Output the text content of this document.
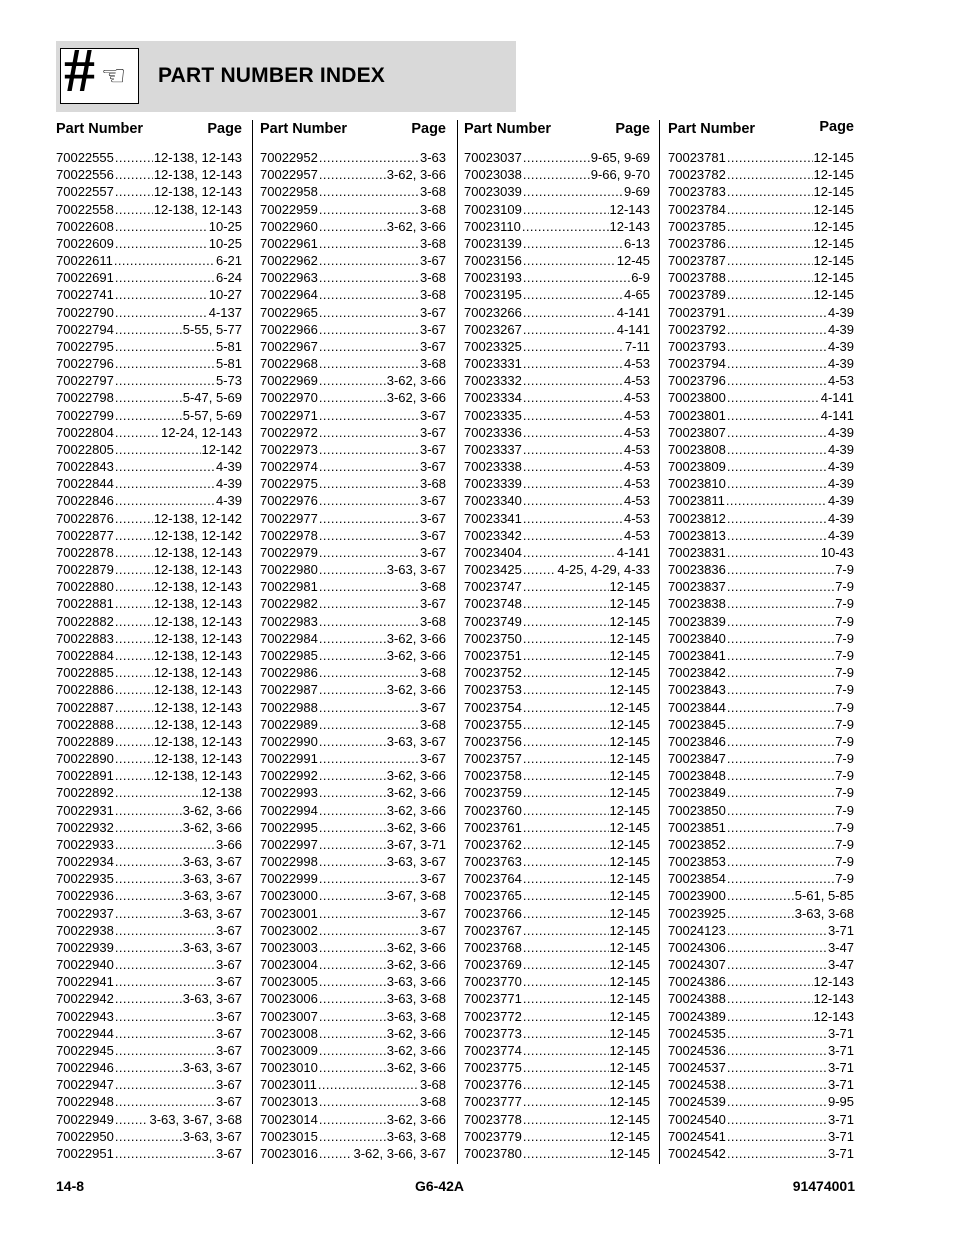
# ☜ PART NUMBER INDEX
Part Number	Page
70022555 .....	12-138, 12-143
70022556 .....	12-138, 12-143
70022557 .....	12-138, 12-143
70022558 .....	12-138, 12-143
70022608 .....	10-25
70022609 .....	10-25
70022611 .....	6-21
70022691 .....	6-24
70022741 .....	10-27
70022790 .....	4-137
70022794 .....	5-55, 5-77
70022795 .....	5-81
70022796 .....	5-81
70022797 .....	5-73
70022798 .....	5-47, 5-69
70022799 .....	5-57, 5-69
70022804 .....	12-24, 12-143
70022805 .....	12-142
70022843 .....	4-39
70022844 .....	4-39
70022846 .....	4-39
70022876 .....	12-138, 12-142
70022877 .....	12-138, 12-142
70022878 .....	12-138, 12-143
70022879 .....	12-138, 12-143
70022880 .....	12-138, 12-143
70022881 .....	12-138, 12-143
70022882 .....	12-138, 12-143
70022883 .....	12-138, 12-143
70022884 .....	12-138, 12-143
70022885 .....	12-138, 12-143
70022886 .....	12-138, 12-143
70022887 .....	12-138, 12-143
70022888 .....	12-138, 12-143
70022889 .....	12-138, 12-143
70022890 .....	12-138, 12-143
70022891 .....	12-138, 12-143
70022892 .....	12-138
70022931 .....	3-62, 3-66
70022932 .....	3-62, 3-66
70022933 .....	3-66
70022934 .....	3-63, 3-67
70022935 .....	3-63, 3-67
70022936 .....	3-63, 3-67
70022937 .....	3-63, 3-67
70022938 .....	3-67
70022939 .....	3-63, 3-67
70022940 .....	3-67
70022941 .....	3-67
70022942 .....	3-63, 3-67
70022943 .....	3-67
70022944 .....	3-67
70022945 .....	3-67
70022946 .....	3-63, 3-67
70022947 .....	3-67
70022948 .....	3-67
70022949 .....	3-63, 3-67, 3-68
70022950 .....	3-63, 3-67
70022951 .....	3-67
Part Number	Page
70022952 .....	3-63
70022957 .....	3-62, 3-66
70022958 .....	3-68
70022959 .....	3-68
70022960 .....	3-62, 3-66
70022961 .....	3-68
70022962 .....	3-67
70022963 .....	3-68
70022964 .....	3-68
70022965 .....	3-67
70022966 .....	3-67
70022967 .....	3-67
70022968 .....	3-68
70022969 .....	3-62, 3-66
70022970 .....	3-62, 3-66
70022971 .....	3-67
70022972 .....	3-67
70022973 .....	3-67
70022974 .....	3-67
70022975 .....	3-68
70022976 .....	3-67
70022977 .....	3-67
70022978 .....	3-67
70022979 .....	3-67
70022980 .....	3-63, 3-67
70022981 .....	3-68
70022982 .....	3-67
70022983 .....	3-68
70022984 .....	3-62, 3-66
70022985 .....	3-62, 3-66
70022986 .....	3-68
70022987 .....	3-62, 3-66
70022988 .....	3-67
70022989 .....	3-68
70022990 .....	3-63, 3-67
70022991 .....	3-67
70022992 .....	3-62, 3-66
70022993 .....	3-62, 3-66
70022994 .....	3-62, 3-66
70022995 .....	3-62, 3-66
70022997 .....	3-67, 3-71
70022998 .....	3-63, 3-67
70022999 .....	3-67
70023000 .....	3-67, 3-68
70023001 .....	3-67
70023002 .....	3-67
70023003 .....	3-62, 3-66
70023004 .....	3-62, 3-66
70023005 .....	3-63, 3-66
70023006 .....	3-63, 3-68
70023007 .....	3-63, 3-68
70023008 .....	3-62, 3-66
70023009 .....	3-62, 3-66
70023010 .....	3-62, 3-66
70023011 .....	3-68
70023013 .....	3-68
70023014 .....	3-62, 3-66
70023015 .....	3-63, 3-68
70023016 .....	3-62, 3-66, 3-67
Part Number	Page
70023037 .....	9-65, 9-69
70023038 .....	9-66, 9-70
70023039 .....	9-69
70023109 .....	12-143
70023110 .....	12-143
70023139 .....	6-13
70023156 .....	12-45
70023193 .....	6-9
70023195 .....	4-65
70023266 .....	4-141
70023267 .....	4-141
70023325 .....	7-11
70023331 .....	4-53
70023332 .....	4-53
70023334 .....	4-53
70023335 .....	4-53
70023336 .....	4-53
70023337 .....	4-53
70023338 .....	4-53
70023339 .....	4-53
70023340 .....	4-53
70023341 .....	4-53
70023342 .....	4-53
70023404 .....	4-141
70023425 .....	4-25, 4-29, 4-33
70023747 .....	12-145
70023748 .....	12-145
70023749 .....	12-145
70023750 .....	12-145
70023751 .....	12-145
70023752 .....	12-145
70023753 .....	12-145
70023754 .....	12-145
70023755 .....	12-145
70023756 .....	12-145
70023757 .....	12-145
70023758 .....	12-145
70023759 .....	12-145
70023760 .....	12-145
70023761 .....	12-145
70023762 .....	12-145
70023763 .....	12-145
70023764 .....	12-145
70023765 .....	12-145
70023766 .....	12-145
70023767 .....	12-145
70023768 .....	12-145
70023769 .....	12-145
70023770 .....	12-145
70023771 .....	12-145
70023772 .....	12-145
70023773 .....	12-145
70023774 .....	12-145
70023775 .....	12-145
70023776 .....	12-145
70023777 .....	12-145
70023778 .....	12-145
70023779 .....	12-145
70023780 .....	12-145
Part Number	Page
70023781 .....	12-145
70023782 .....	12-145
70023783 .....	12-145
70023784 .....	12-145
70023785 .....	12-145
70023786 .....	12-145
70023787 .....	12-145
70023788 .....	12-145
70023789 .....	12-145
70023791 .....	4-39
70023792 .....	4-39
70023793 .....	4-39
70023794 .....	4-39
70023796 .....	4-53
70023800 .....	4-141
70023801 .....	4-141
70023807 .....	4-39
70023808 .....	4-39
70023809 .....	4-39
70023810 .....	4-39
70023811 .....	4-39
70023812 .....	4-39
70023813 .....	4-39
70023831 .....	10-43
70023836 .....	7-9
70023837 .....	7-9
70023838 .....	7-9
70023839 .....	7-9
70023840 .....	7-9
70023841 .....	7-9
70023842 .....	7-9
70023843 .....	7-9
70023844 .....	7-9
70023845 .....	7-9
70023846 .....	7-9
70023847 .....	7-9
70023848 .....	7-9
70023849 .....	7-9
70023850 .....	7-9
70023851 .....	7-9
70023852 .....	7-9
70023853 .....	7-9
70023854 .....	7-9
70023900 .....	5-61, 5-85
70023925 .....	3-63, 3-68
70024123 .....	3-71
70024306 .....	3-47
70024307 .....	3-47
70024386 .....	12-143
70024388 .....	12-143
70024389 .....	12-143
70024535 .....	3-71
70024536 .....	3-71
70024537 .....	3-71
70024538 .....	3-71
70024539 .....	9-95
70024540 .....	3-71
70024541 .....	3-71
70024542 .....	3-71
14-8	G6-42A	91474001
